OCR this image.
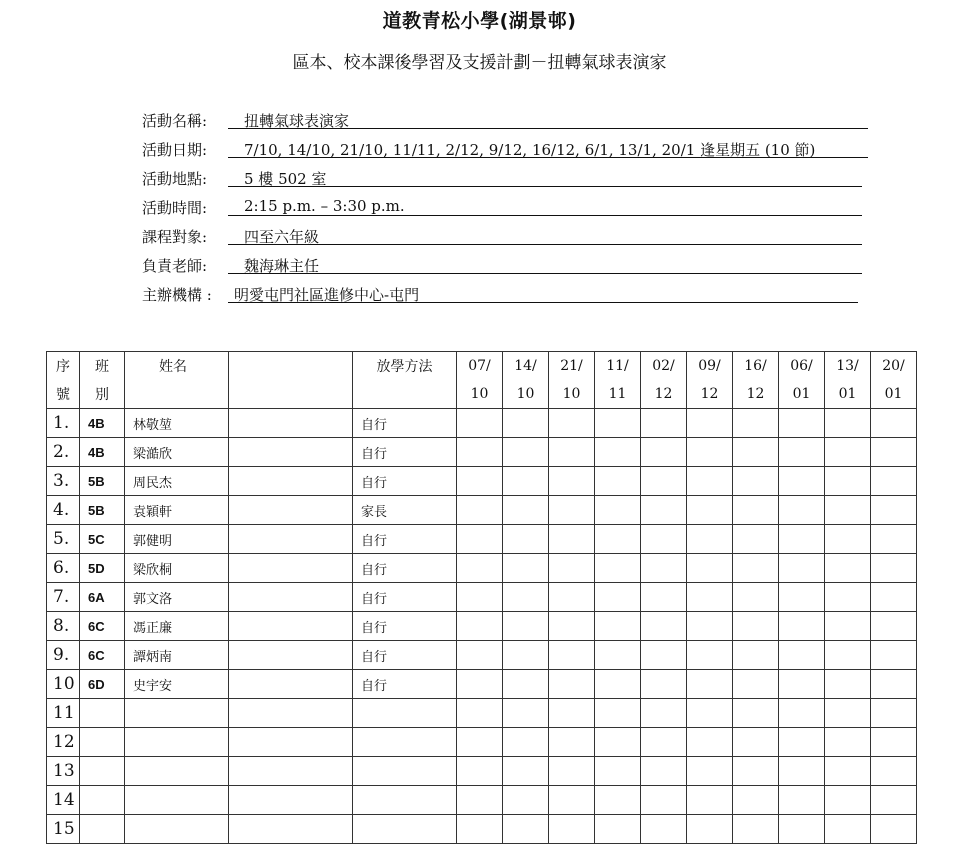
道教青松小學(湖景邨)
區本、校本課後學習及支援計劃－扭轉氣球表演家
活動名稱: 扭轉氣球表演家
活動日期: 7/10, 14/10, 21/10, 11/11, 2/12, 9/12, 16/12, 6/1, 13/1, 20/1 逢星期五 (10 節)
活動地點: 5 樓 502 室
活動時間: 2:15 p.m. – 3:30 p.m.
課程對象: 四至六年級
負責老師: 魏海琳主任
主辦機構 : 明愛屯門社區進修中心-屯門
序	班	姓名		放學方法	07/	14/	21/	11/	02/	09/	16/	06/	13/	20/
號	別				10	10	10	11	12	12	12	01	01	01
1.	4B	林敬堃		自行										
2.	4B	梁澔欣		自行										
3.	5B	周民杰		自行										
4.	5B	袁穎軒		家長										
5.	5C	郭健明		自行										
6.	5D	梁欣桐		自行										
7.	6A	郭文洛		自行										
8.	6C	馮正廉		自行										
9.	6C	譚炳南		自行										
10	6D	史宇安		自行										
11														
12														
13														
14														
15														
